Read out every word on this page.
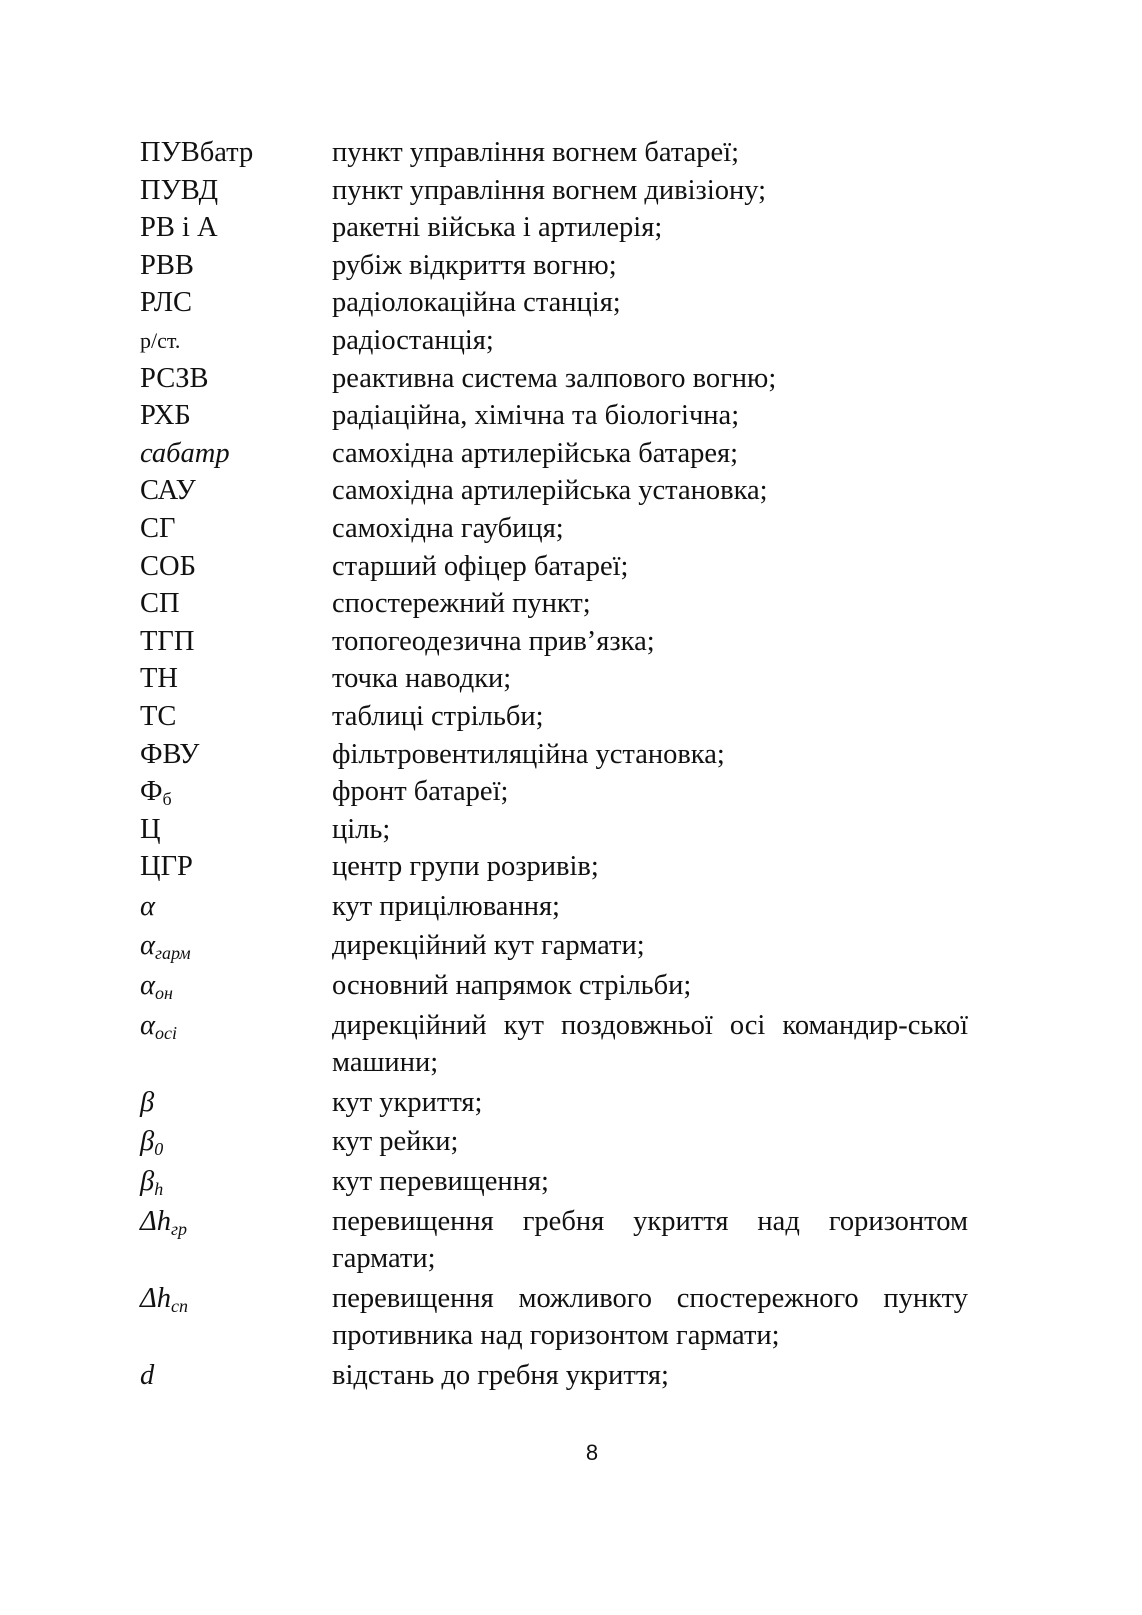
ПУВбатр	пункт управління вогнем батареї;
ПУВД	пункт управління вогнем дивізіону;
РВ і А	ракетні війська і артилерія;
РВВ	рубіж відкриття вогню;
РЛС	радіолокаційна станція;
р/ст.	радіостанція;
РСЗВ	реактивна система залпового вогню;
РХБ	радіаційна, хімічна та біологічна;
сабатр	самохідна артилерійська батарея;
САУ	самохідна артилерійська установка;
СГ	самохідна гаубиця;
СОБ	старший офіцер батареї;
СП	спостережний пункт;
ТГП	топогеодезична прив’язка;
ТН	точка наводки;
ТС	таблиці стрільби;
ФВУ	фільтровентиляційна установка;
$Ф_б$	фронт батареї;
Ц	ціль;
ЦГР	центр групи розривів;
α	кут прицілювання;
$\alpha_{гарм}$	дирекційний кут гармати;
$\alpha_{он}$	основний напрямок стрільби;
$\alpha_{осі}$	дирекційний кут поздовжньої осі командир-ської машини;
β	кут укриття;
$\beta_0$	кут рейки;
$\beta_h$	кут перевищення;
$\Delta h_{гр}$	перевищення гребня укриття над горизонтом гармати;
$\Delta h_{сп}$	перевищення можливого спостережного пункту противника над горизонтом гармати;
d	відстань до гребня укриття;
8
